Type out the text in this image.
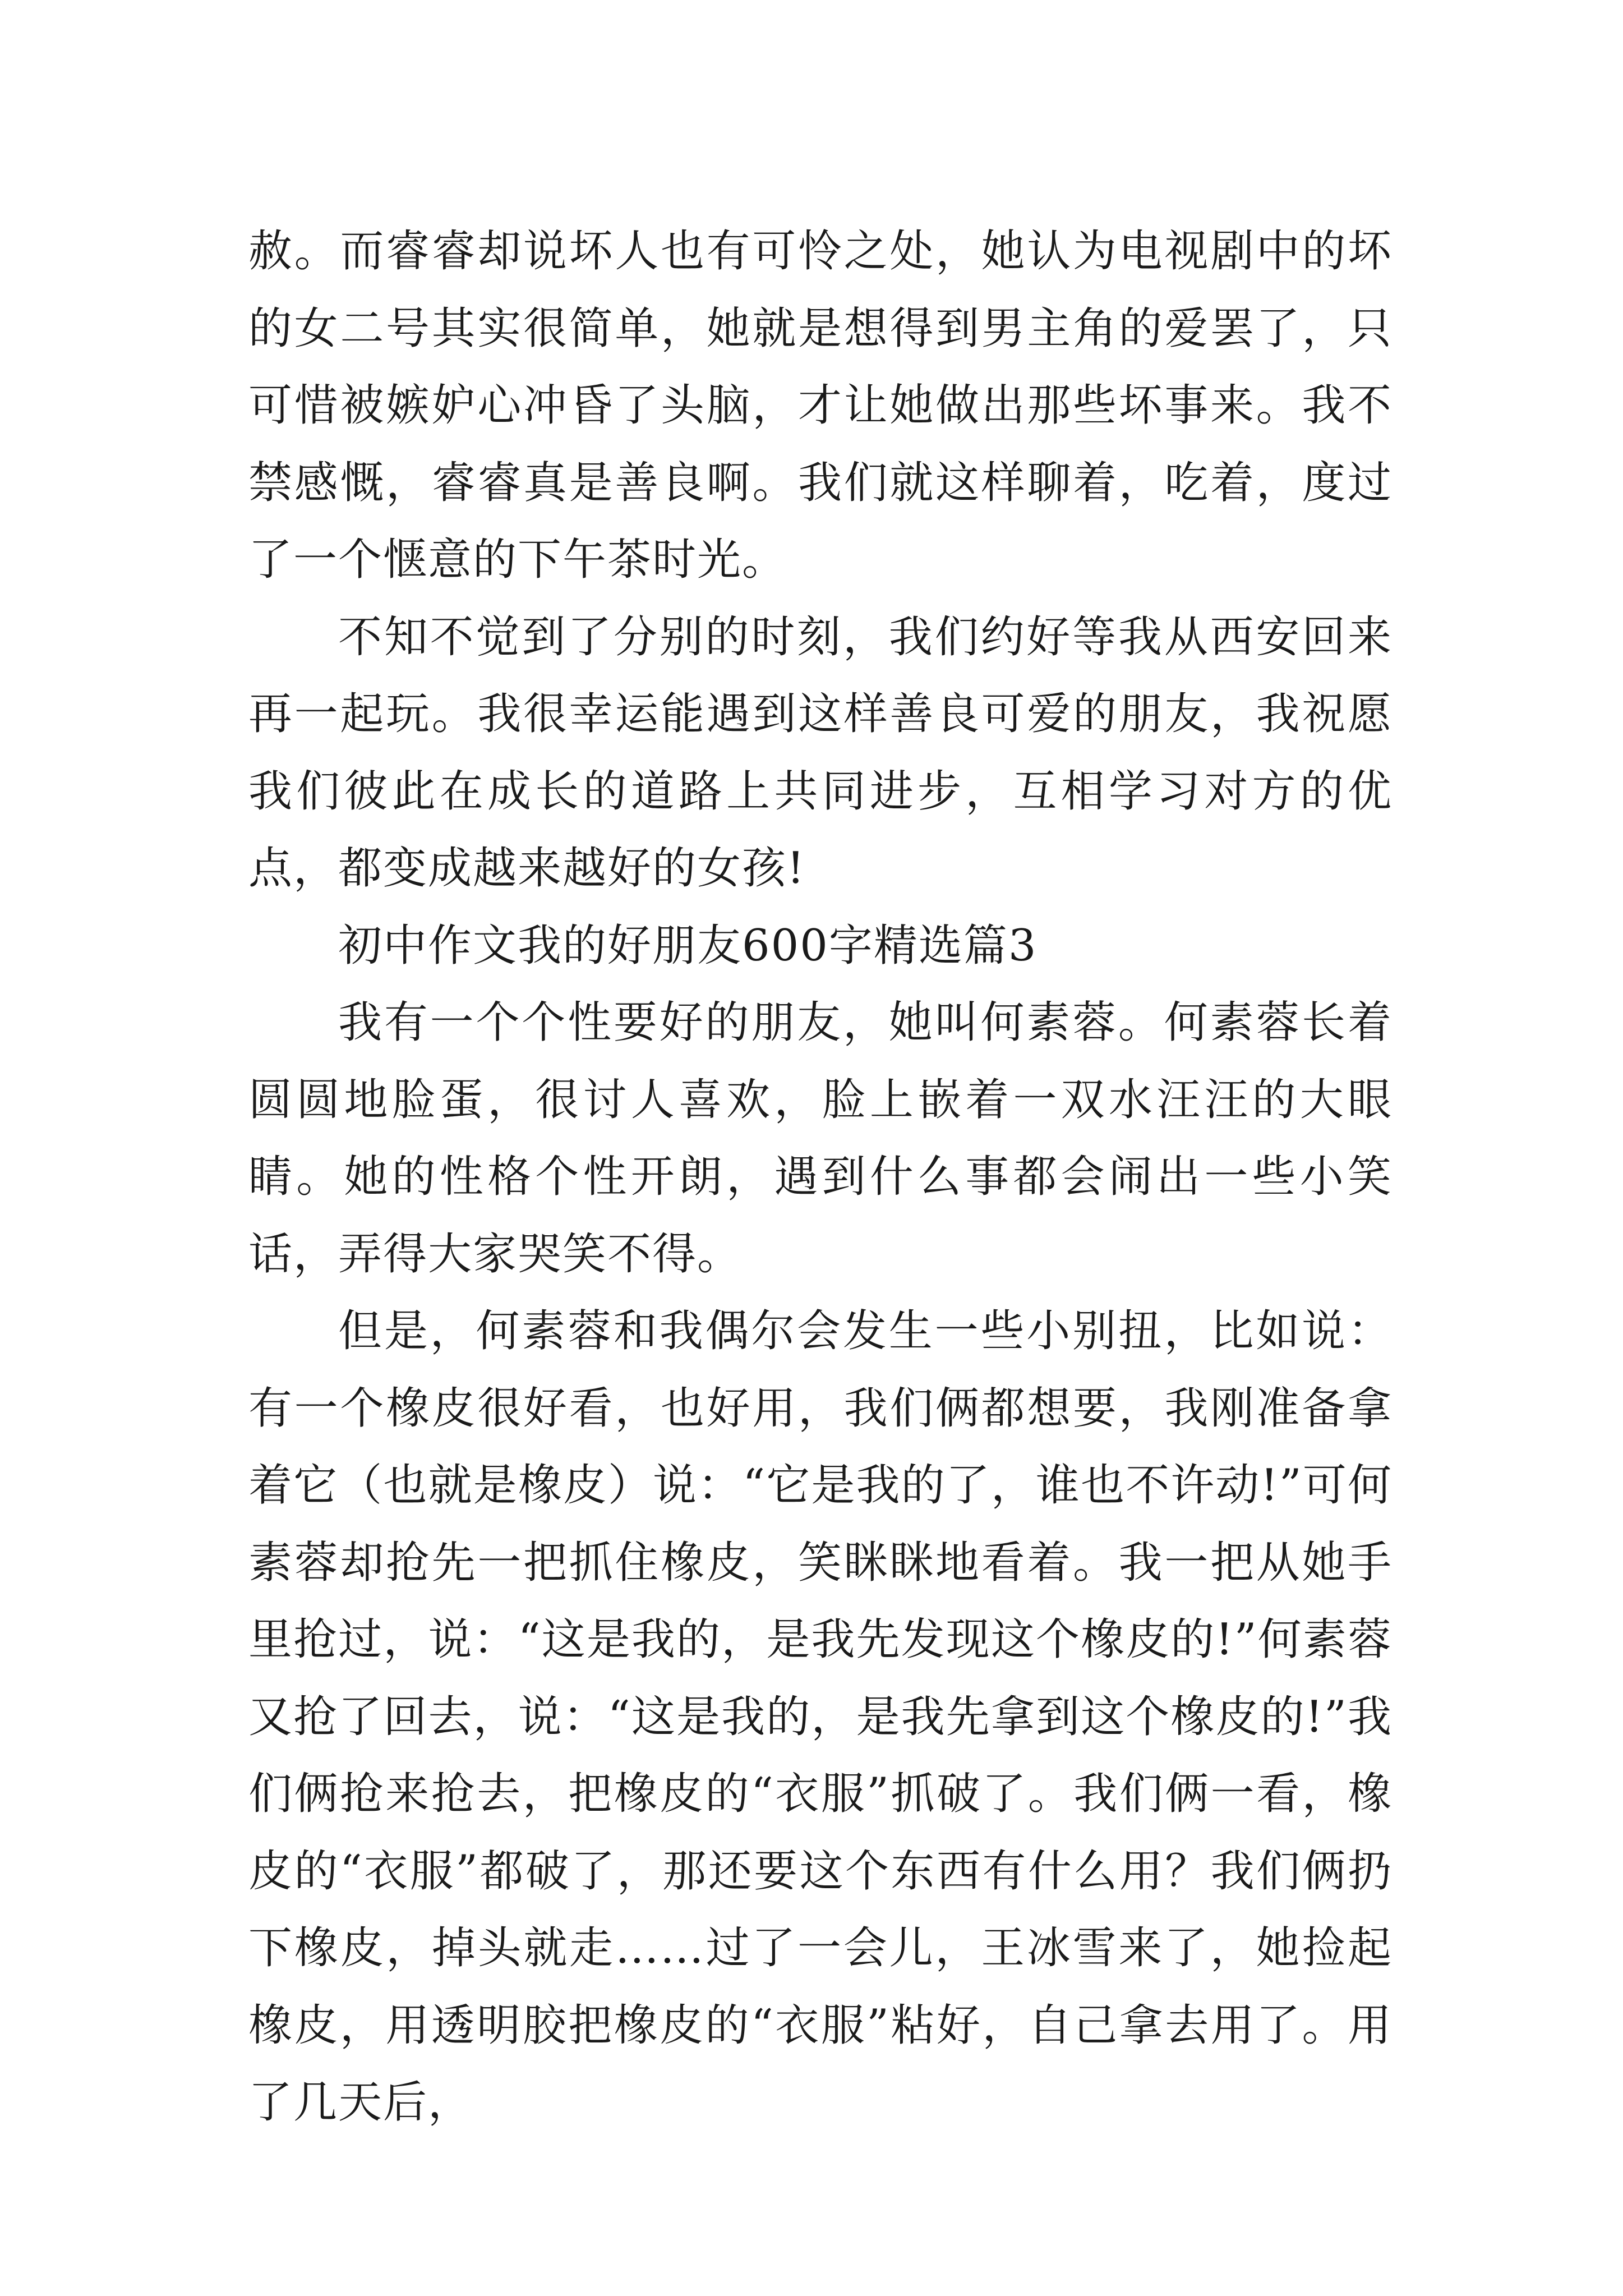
赦。而睿睿却说坏人也有可怜之处，她认为电视剧中的坏的女二号其实很简单，她就是想得到男主角的爱罢了，只可惜被嫉妒心冲昏了头脑，才让她做出那些坏事来。我不禁感慨，睿睿真是善良啊。我们就这样聊着，吃着，度过了一个惬意的下午茶时光。

不知不觉到了分别的时刻，我们约好等我从西安回来再一起玩。我很幸运能遇到这样善良可爱的朋友，我祝愿我们彼此在成长的道路上共同进步，互相学习对方的优点，都变成越来越好的女孩!

初中作文我的好朋友600字精选篇3

我有一个个性要好的朋友，她叫何素蓉。何素蓉长着圆圆地脸蛋，很讨人喜欢，脸上嵌着一双水汪汪的大眼睛。她的性格个性开朗，遇到什么事都会闹出一些小笑话，弄得大家哭笑不得。

但是，何素蓉和我偶尔会发生一些小别扭，比如说：有一个橡皮很好看，也好用，我们俩都想要，我刚准备拿着它（也就是橡皮）说：“它是我的了，谁也不许动!”可何素蓉却抢先一把抓住橡皮，笑眯眯地看着。我一把从她手里抢过，说：“这是我的，是我先发现这个橡皮的!”何素蓉又抢了回去，说：“这是我的，是我先拿到这个橡皮的!”我们俩抢来抢去，把橡皮的“衣服”抓破了。我们俩一看，橡皮的“衣服”都破了，那还要这个东西有什么用？我们俩扔下橡皮，掉头就走……过了一会儿，王冰雪来了，她捡起橡皮，用透明胶把橡皮的“衣服”粘好，自己拿去用了。用了几天后，
